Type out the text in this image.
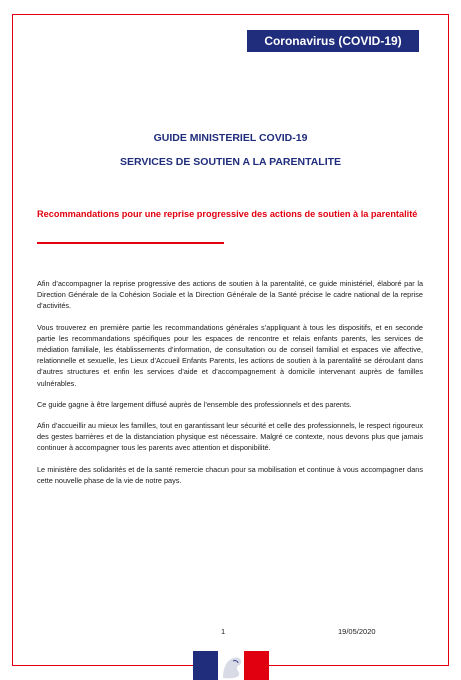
Coronavirus (COVID-19)
GUIDE MINISTERIEL COVID-19
SERVICES DE SOUTIEN A LA PARENTALITE
Recommandations pour une reprise progressive des actions de soutien à la parentalité

Afin d’accompagner la reprise progressive des actions de soutien à la parentalité, ce guide ministériel, élaboré par la Direction Générale de la Cohésion Sociale et la Direction Générale de la Santé précise le cadre national de la reprise d’activités.

Vous trouverez en première partie les recommandations générales s’appliquant à tous les dispositifs, et en seconde partie les recommandations spécifiques pour les espaces de rencontre et relais enfants parents, les services de médiation familiale, les établissements d’information, de consultation ou de conseil familial et espaces vie affective, relationnelle et sexuelle, les Lieux d’Accueil Enfants Parents, les actions de soutien à la parentalité se déroulant dans d’autres structures et enfin les services d’aide et d’accompagnement à domicile intervenant auprès de familles vulnérables.

Ce guide gagne à être largement diffusé auprès de l’ensemble des professionnels et des parents.

Afin d’accueillir au mieux les familles, tout en garantissant leur sécurité et celle des professionnels, le respect rigoureux des gestes barrières et de la distanciation physique est nécessaire. Malgré ce contexte, nous devons plus que jamais continuer à accompagner tous les parents avec attention et disponibilité.

Le ministère des solidarités et de la santé remercie chacun pour sa mobilisation et continue à vous accompagner dans cette nouvelle phase de la vie de notre pays.

1	19/05/2020
